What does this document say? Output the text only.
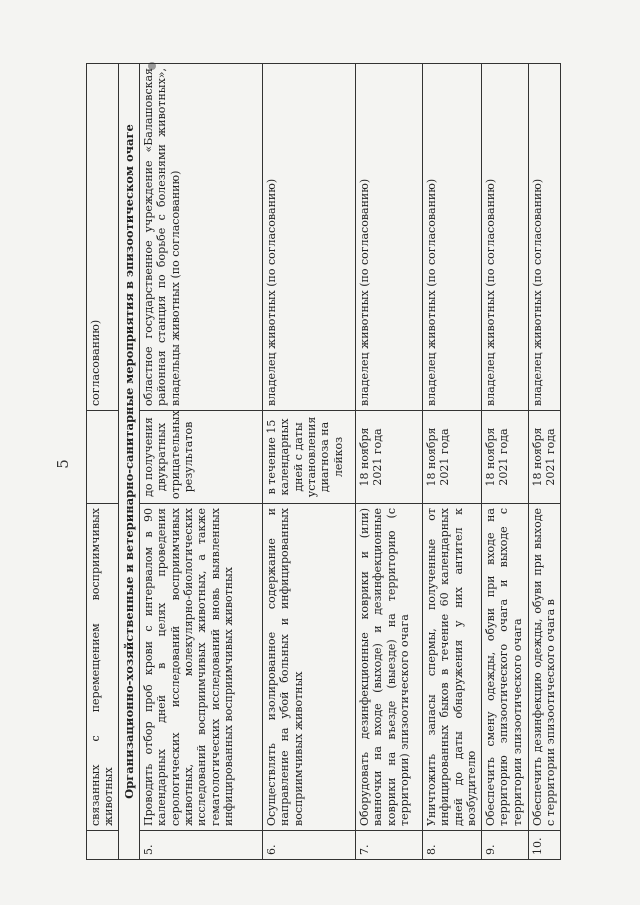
5
	связанных с перемещением восприимчивых животных		согласованию)
Организационно-хозяйственные и ветеринарно-санитарные мероприятия в эпизоотическом очаге			
5.	Проводить отбор проб крови с интервалом в 90 календарных дней в целях проведения серологических исследований восприимчивых животных, молекулярно-биологических исследований восприимчивых животных, а также гематологических исследований вновь выявленных инфицированных восприимчивых животных	до получения двукратных отрицательных результатов	областное государственное учреждение «Балашовская районная станция по борьбе с болезнями животных», владельцы животных (по согласованию)
6.	Осуществлять изолированное содержание и направление на убой больных и инфицированных восприимчивых животных	в течение 15 календарных дней с даты установления диагноза на лейкоз	владелец животных (по согласованию)
7.	Оборудовать дезинфекционные коврики и (или) ванночки на входе (выходе) и дезинфекционные коврики на въезде (выезде) на территорию (с территории) эпизоотического очага	18 ноября 2021 года	владелец животных (по согласованию)
8.	Уничтожить запасы спермы, полученные от инфицированных быков в течение 60 календарных дней до даты обнаружения у них антител к возбудителю	18 ноября 2021 года	владелец животных (по согласованию)
9.	Обеспечить смену одежды, обуви при входе на территорию эпизоотического очага и выходе с территории эпизоотического очага	18 ноября 2021 года	владелец животных (по согласованию)
10.	Обеспечить дезинфекцию одежды, обуви при выходе с территории эпизоотического очага в	18 ноября 2021 года	владелец животных (по согласованию)
